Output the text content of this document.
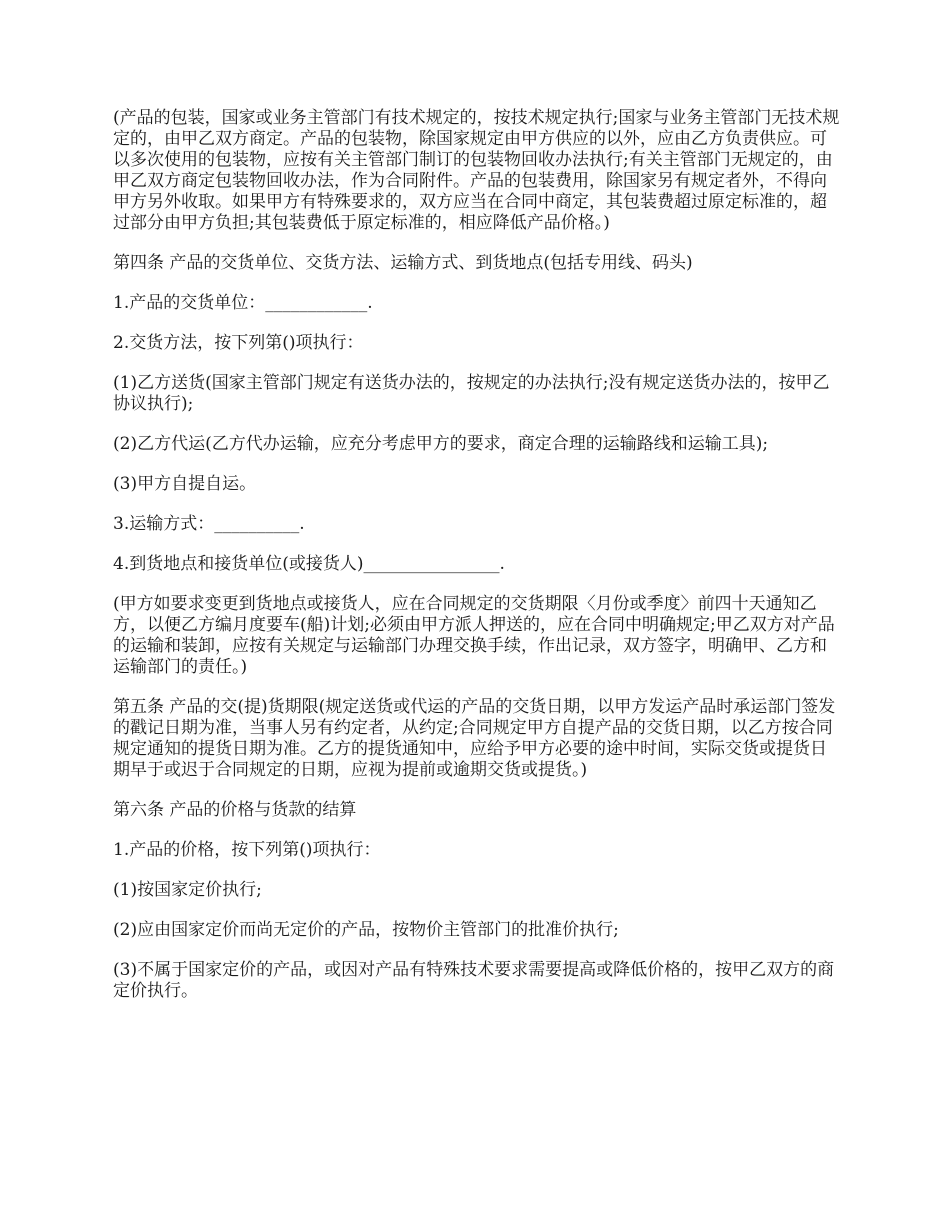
(产品的包装，国家或业务主管部门有技术规定的，按技术规定执行;国家与业务主管部门无技术规定的，由甲乙双方商定。产品的包装物，除国家规定由甲方供应的以外，应由乙方负责供应。可以多次使用的包装物，应按有关主管部门制订的包装物回收办法执行;有关主管部门无规定的，由甲乙双方商定包装物回收办法，作为合同附件。产品的包装费用，除国家另有规定者外，不得向甲方另外收取。如果甲方有特殊要求的，双方应当在合同中商定，其包装费超过原定标准的，超过部分由甲方负担;其包装费低于原定标准的，相应降低产品价格。)

第四条 产品的交货单位、交货方法、运输方式、到货地点(包括专用线、码头)

1.产品的交货单位：____________.

2.交货方法，按下列第()项执行：

(1)乙方送货(国家主管部门规定有送货办法的，按规定的办法执行;没有规定送货办法的，按甲乙协议执行);

(2)乙方代运(乙方代办运输，应充分考虑甲方的要求，商定合理的运输路线和运输工具);

(3)甲方自提自运。

3.运输方式：__________.

4.到货地点和接货单位(或接货人)________________.

(甲方如要求变更到货地点或接货人，应在合同规定的交货期限〈月份或季度〉前四十天通知乙方，以便乙方编月度要车(船)计划;必须由甲方派人押送的，应在合同中明确规定;甲乙双方对产品的运输和装卸，应按有关规定与运输部门办理交换手续，作出记录，双方签字，明确甲、乙方和运输部门的责任。)

第五条 产品的交(提)货期限(规定送货或代运的产品的交货日期，以甲方发运产品时承运部门签发的戳记日期为准，当事人另有约定者，从约定;合同规定甲方自提产品的交货日期，以乙方按合同规定通知的提货日期为准。乙方的提货通知中，应给予甲方必要的途中时间，实际交货或提货日期早于或迟于合同规定的日期，应视为提前或逾期交货或提货。)

第六条 产品的价格与货款的结算

1.产品的价格，按下列第()项执行：

(1)按国家定价执行;

(2)应由国家定价而尚无定价的产品，按物价主管部门的批准价执行;

(3)不属于国家定价的产品，或因对产品有特殊技术要求需要提高或降低价格的，按甲乙双方的商定价执行。
